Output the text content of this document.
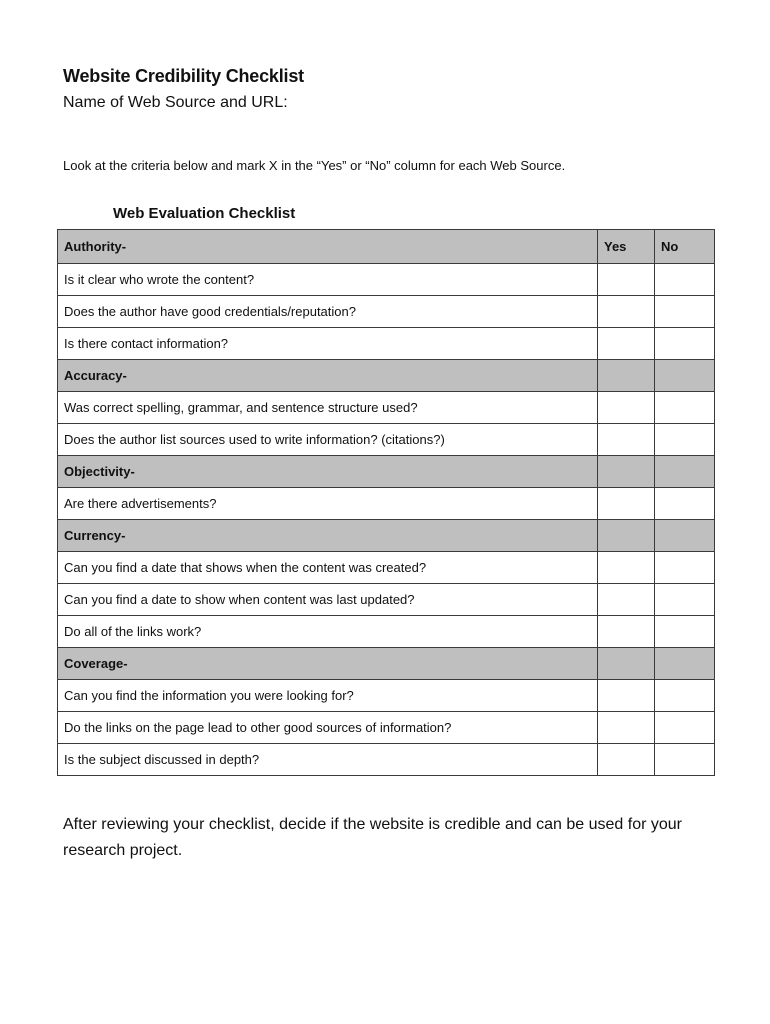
Website Credibility Checklist
Name of Web Source and URL:
Look at the criteria below and mark X in the “Yes” or “No” column for each Web Source.
Web Evaluation Checklist
Authority-	Yes	No
Is it clear who wrote the content?		
Does the author have good credentials/reputation?		
Is there contact information?		
Accuracy-		
Was correct spelling, grammar, and sentence structure used?		
Does the author list sources used to write information? (citations?)		
Objectivity-		
Are there advertisements?		
Currency-		
Can you find a date that shows when the content was created?		
Can you find a date to show when content was last updated?		
Do all of the links work?		
Coverage-		
Can you find the information you were looking for?		
Do the links on the page lead to other good sources of information?		
Is the subject discussed in depth?		
After reviewing your checklist, decide if the website is credible and can be used for your research project.
